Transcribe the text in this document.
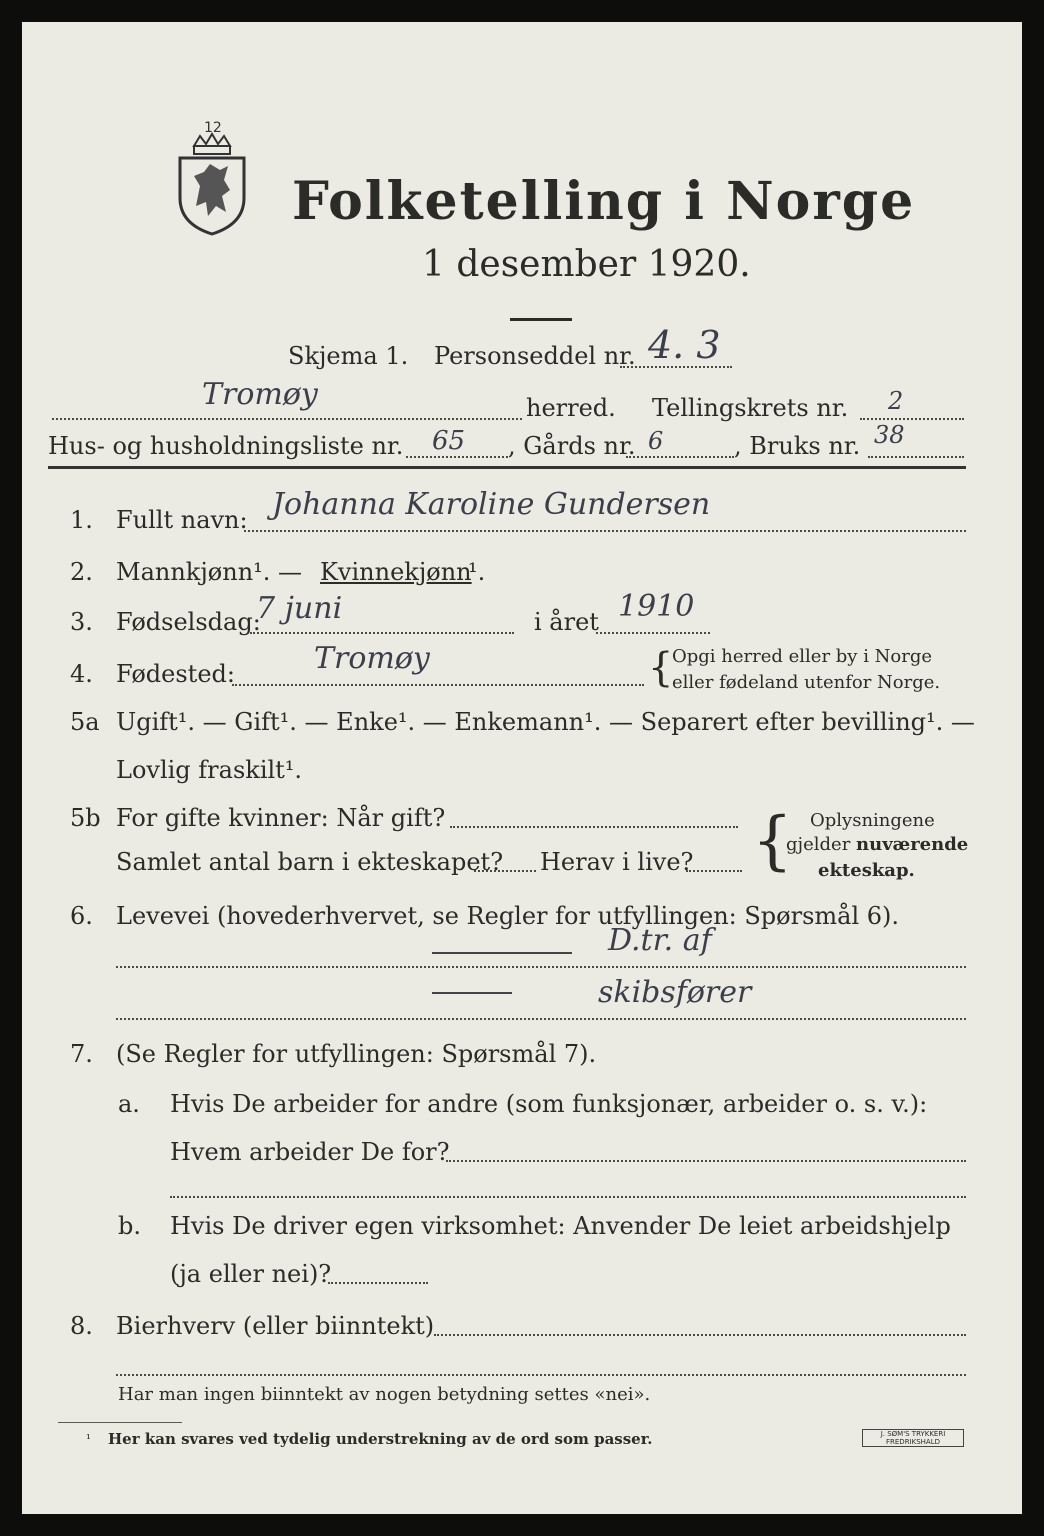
12
Folketelling i Norge
1 desember 1920.
Skjema 1. Personseddel nr. 4. 3
Tromøy	herred. Tellingskrets nr. 2
Hus- og husholdningsliste nr. 65 , Gårds nr. 6	, Bruks nr. 38
1. Fullt navn: Johanna Karoline Gundersen
2. Mannkjønn¹. — Kvinnekjønn
¹.
3. Fødselsdag:
7 juni	i året 1910
4. Fødested:	Tromøy	{
Opgi herred eller by i Norge
eller fødeland utenfor Norge.
5a Ugift¹. — Gift¹. — Enke¹. — Enkemann¹. — Separert efter bevilling¹. —
Lovlig fraskilt¹.
5b For gifte kvinner: Når gift?
Samlet antal barn i ekteskapet? Herav i live? { Oplysningene
gjelder nuværende
ekteskap.
6. Levevei (hovederhvervet, se Regler for utfyllingen: Spørsmål 6).
D.tr. af
skibsfører
7. (Se Regler for utfyllingen: Spørsmål 7).
a. Hvis De arbeider for andre (som funksjonær, arbeider o. s. v.):
Hvem arbeider De for?
b. Hvis De driver egen virksomhet: Anvender De leiet arbeidshjelp
(ja eller nei)?
8. Bierhverv (eller biinntekt)
Har man ingen biinntekt av nogen betydning settes «nei».
¹ Her kan svares ved tydelig understrekning av de ord som passer.	J. SØM'S TRYKKERI FREDRIKSHALD
